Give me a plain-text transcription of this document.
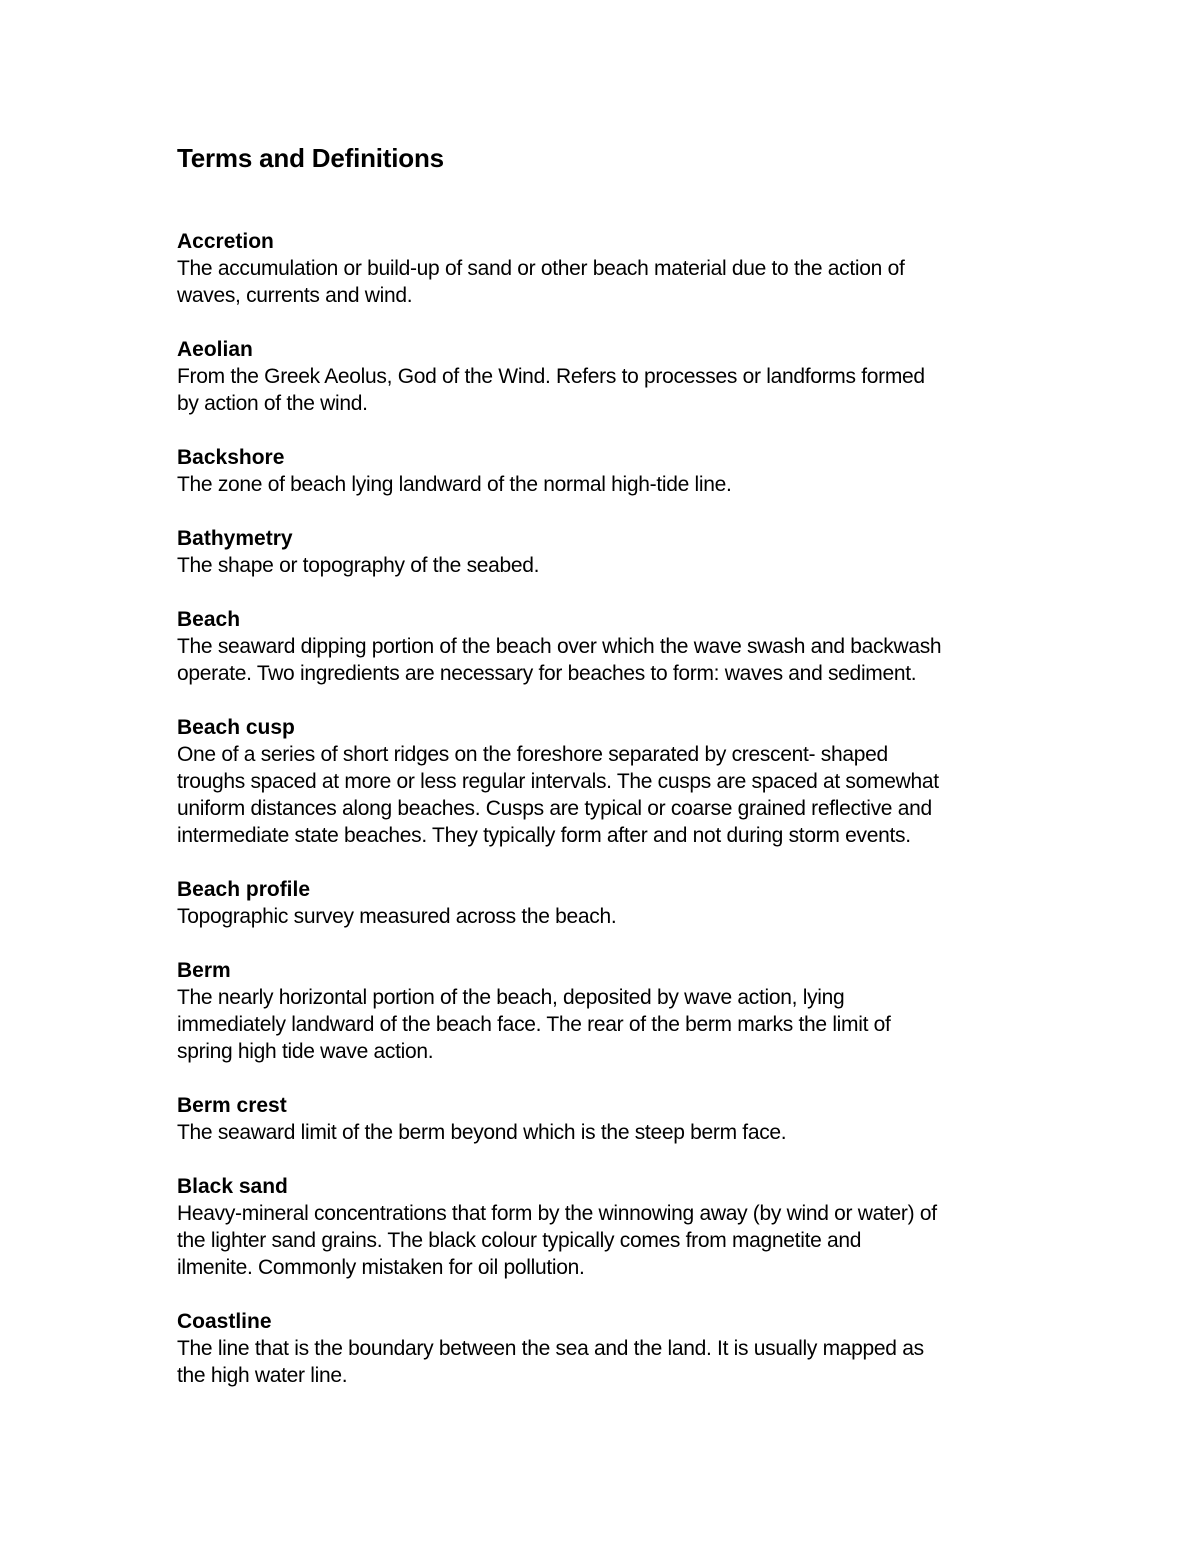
Terms and Definitions
Accretion
The accumulation or build-up of sand or other beach material due to the action of
waves, currents and wind.
Aeolian
From the Greek Aeolus, God of the Wind. Refers to processes or landforms formed
by action of the wind.
Backshore
The zone of beach lying landward of the normal high-tide line.
Bathymetry
The shape or topography of the seabed.
Beach
The seaward dipping portion of the beach over which the wave swash and backwash
operate. Two ingredients are necessary for beaches to form: waves and sediment.
Beach cusp
One of a series of short ridges on the foreshore separated by crescent- shaped
troughs spaced at more or less regular intervals. The cusps are spaced at somewhat
uniform distances along beaches. Cusps are typical or coarse grained reflective and
intermediate state beaches. They typically form after and not during storm events.
Beach profile
Topographic survey measured across the beach.
Berm
The nearly horizontal portion of the beach, deposited by wave action, lying
immediately landward of the beach face. The rear of the berm marks the limit of
spring high tide wave action.
Berm crest
The seaward limit of the berm beyond which is the steep berm face.
Black sand
Heavy-mineral concentrations that form by the winnowing away (by wind or water) of
the lighter sand grains. The black colour typically comes from magnetite and
ilmenite. Commonly mistaken for oil pollution.
Coastline
The line that is the boundary between the sea and the land. It is usually mapped as
the high water line.
